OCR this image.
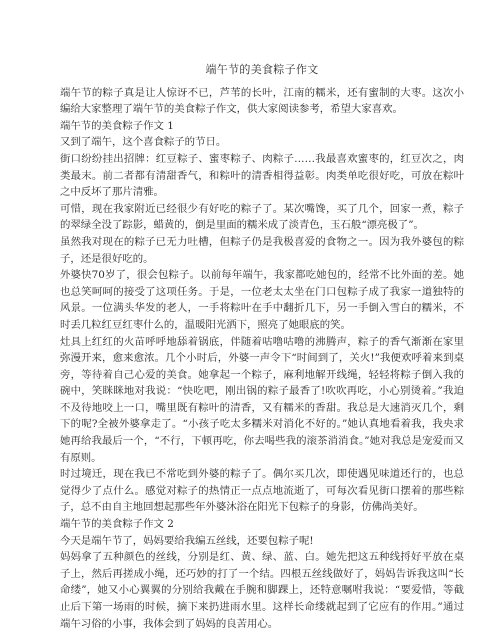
端午节的美食粽子作文

端午节的粽子真是让人惊讶不已，芦苇的长叶，江南的糯米，还有蜜制的大枣。这次小编给大家整理了端午节的美食粽子作文，供大家阅读参考，希望大家喜欢。

端午节的美食粽子作文 1

又到了端午，这个喜食粽子的节日。

街口纷纷挂出招牌：红豆粽子、蜜枣粽子、肉粽子……我最喜欢蜜枣的，红豆次之，肉类最末。前二者都有清甜香气，和粽叶的清香相得益彰。肉类单吃很好吃，可放在粽叶之中反坏了那片清雅。

可惜，现在我家附近已经很少有好吃的粽子了。某次嘴馋，买了几个，回家一煮，粽子的翠绿全没了踪影，蜡黄的，倒是里面的糯米成了淡青色，玉石般“漂亮极了”。

虽然我对现在的粽子已无力吐槽，但粽子仍是我极喜爱的食物之一。因为我外婆包的粽子，还是很好吃的。

外婆快70岁了，很会包粽子。以前每年端午，我家都吃她包的，经常不比外面的差。她也总笑呵呵的接受了这项任务。于是，一位老太太坐在门口包粽子成了我家一道独特的风景。一位满头华发的老人，一手将粽叶在手中翻折几下，另一手倒入雪白的糯米，不时丢几粒红豆红枣什么的，温暖阳光洒下，照亮了她眼底的笑。

灶具上红红的火苗呼呼地舔着锅底，伴随着咕噜咕噜的沸腾声，粽子的香气渐渐在家里弥漫开来，愈来愈浓。几个小时后，外婆一声令下“时间到了，关火!”我便欢呼着来到桌旁，等待着自己心爱的美食。她拿起一个粽子，麻利地解开线绳，轻轻将粽子倒入我的碗中，笑眯眯地对我说：“快吃吧，刚出锅的粽子最香了!吹吹再吃，小心别烫着。”我迫不及待地咬上一口，嘴里既有粽叶的清香，又有糯米的香甜。我总是大速消灭几个，剩下的呢?全被外婆拿走了。“小孩子吃太多糯米对消化不好的。”她认真地看着我，我央求她再给我最后一个，“不行，下顿再吃，你去喝些我的滚茶消消食。”她对我总是宠爱而又有原则。

时过境迁，现在我已不常吃到外婆的粽子了。偶尔买几次，即使遇见味道还行的，也总觉得少了点什么。感觉对粽子的热情正一点点地流逝了，可每次看见街口摆着的那些粽子，总不由自主地回想起那些年外婆沐浴在阳光下包粽子的身影，仿佛尚美好。

端午节的美食粽子作文 2

今天是端午节了，妈妈要给我编五丝线，还要包粽子呢!

妈妈拿了五种颜色的丝线，分别是红、黄、绿、蓝、白。她先把这五种线捋好平放在桌子上，然后再搓成小绳，还巧妙的打了一个结。四根五丝线做好了，妈妈告诉我这叫“长命缕”，她又小心翼翼的分别给我戴在手腕和脚踝上，还特意嘱咐我说：“要爱惜，等截止后下第一场雨的时候，摘下来扔进雨水里。这样长命缕就起到了它应有的作用。”通过端午习俗的小事，我体会到了妈妈的良苦用心。
